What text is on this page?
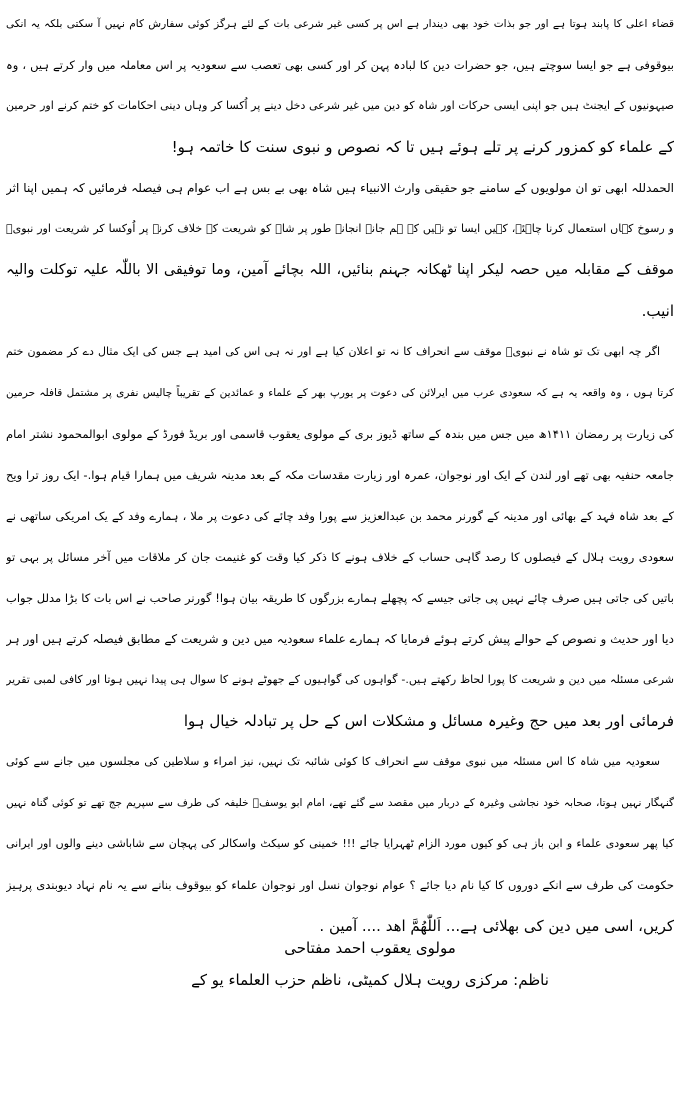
قضاء اعلی کا پابند ہوتا ہے اور جو بذات خود بھی دیندار ہے اس پر کسی غیر شرعی بات کے لئے ہرگز کوئی سفارش کام نہیں آ سکتی بلکہ یہ انکی
بیوقوفی ہے جو ایسا سوچتے ہیں، جو حضرات دین کا لبادہ پہن کر اور کسی بھی تعصب سے سعودیہ پر اس معاملہ میں وار کرتے ہیں ، وہ
صیہونیوں کے ایجنٹ ہیں جو اپنی ایسی حرکات اور شاہ کو دین میں غیر شرعی دخل دینے پر اُکسا کر وہاں دینی احکامات کو ختم کرنے اور حرمین
کے علماء کو کمزور کرنے پر تلے ہوئے ہیں تا کہ نصوص و نبوی سنت کا خاتمہ ہو!
الحمدللہ ابھی تو ان مولویوں کے سامنے جو حقیقی وارث الانبیاء ہیں شاہ بھی بے بس ہے اب عوام ہی فیصلہ فرمائیں کہ ہمیں اپنا اثر
و رسوخ کہاں استعمال کرنا چاہئے، کہیں ایسا تو نہیں کہ ہم جانے انجانے طور پر شاہ کو شریعت کے خلاف کرنے پر اُوکسا کر شریعت اور نبویؐ
موقف کے مقابلہ میں حصہ لیکر اپنا ٹھکانہ جہنم بنائیں، اللہ بچائے آمین، وما توفیقی الا باللّٰہ علیہ توکلت والیہ
انیب.
اگر چہ ابھی تک تو شاہ نے نبویؐ موقف سے انحراف کا نہ تو اعلان کیا ہے اور نہ ہی اس کی امید ہے جس کی ایک مثال دے کر مضمون ختم
کرتا ہوں ، وہ واقعہ یہ ہے کہ سعودی عرب میں ایرلائن کی دعوت پر یورپ بھر کے علماء و عمائدین کے تقریباً چالیس نفری پر مشتمل قافلہ حرمین
کی زیارت پر رمضان ۱۴۱۱ھ میں جس میں بندہ کے ساتھ ڈیوز بری کے مولوی یعقوب قاسمی اور بریڈ فورڈ کے مولوی ابوالمحمود نشتر امام
جامعہ حنفیہ بھی تھے اور لندن کے ایک اور نوجوان، عمرہ اور زیارت مقدسات مکہ کے بعد مدینہ شریف میں ہمارا قیام ہوا.- ایک روز ترا ویح
کے بعد شاہ فہد کے بھائی اور مدینہ کے گورنر محمد بن عبدالعزیز سے پورا وفد چائے کی دعوت پر ملا ، ہمارے وفد کے یک امریکی ساتھی نے
سعودی رویت ہلال کے فیصلوں کا رصد گاہی حساب کے خلاف ہونے کا ذکر کیا وقت کو غنیمت جان کر ملاقات میں آخر مسائل پر بہی تو
باتیں کی جاتی ہیں صرف چائے نہیں پی جاتی جیسے کہ پچھلے ہمارے بزرگوں کا طریقہ بیان ہوا! گورنر صاحب نے اس بات کا بڑا مدلل جواب
دیا اور حدیث و نصوص کے حوالے پیش کرتے ہوئے فرمایا کہ ہمارے علماء سعودیہ میں دین و شریعت کے مطابق فیصلہ کرتے ہیں اور ہر
شرعی مسئلہ میں دین و شریعت کا پورا لحاظ رکھتے ہیں.- گواہوں کی گواہیوں کے جھوٹے ہونے کا سوال ہی پیدا نہیں ہوتا اور کافی لمبی تقریر
فرمائی اور بعد میں حج وغیرہ مسائل و مشکلات اس کے حل پر تبادلہ خیال ہوا
سعودیہ میں شاہ کا اس مسئلہ میں نبوی موقف سے انحراف کا کوئی شائبہ تک نہیں، نیز امراء و سلاطین کی مجلسوں میں جانے سے کوئی
گنہگار نہیں ہوتا، صحابہ خود نجاشی وغیرہ کے دربار میں مقصد سے گئے تھے، امام ابو یوسفؒ خلیفہ کی طرف سے سپریم جج تھے تو کوئی گناہ نہیں
کیا پھر سعودی علماء و ابن باز ہی کو کیوں مورد الزام ٹھہرایا جائے !!! خمینی کو سیکٹ واسکالر کی پہچان سے شاباشی دینے والوں اور ایرانی
حکومت کی طرف سے انکے دوروں کا کیا نام دیا جائے ؟ عوام نوجوان نسل اور نوجوان علماء کو بیوقوف بنانے سے یہ نام نہاد دیوبندی پرہیز
کریں، اسی میں دین کی بھلائی ہے... اَللّٰھُمَّ اھد .... آمین .
مولوی یعقوب احمد مفتاحی
ناظم: مرکزی رویت ہلال کمیٹی، ناظم حزب العلماء یو کے
